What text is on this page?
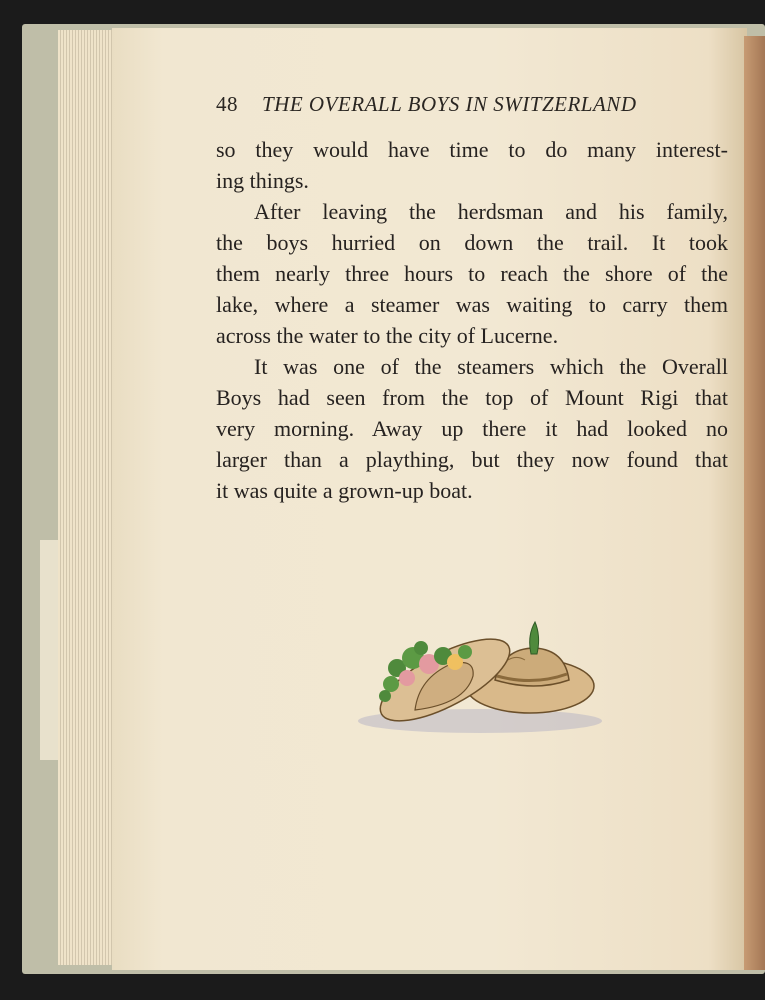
48 THE OVERALL BOYS IN SWITZERLAND
so they would have time to do many interest-
ing things.
After leaving the herdsman and his family,
the boys hurried on down the trail. It took
them nearly three hours to reach the shore of the
lake, where a steamer was waiting to carry them
across the water to the city of Lucerne.
It was one of the steamers which the Overall
Boys had seen from the top of Mount Rigi that
very morning. Away up there it had looked no
larger than a plaything, but they now found that
it was quite a grown-up boat.
